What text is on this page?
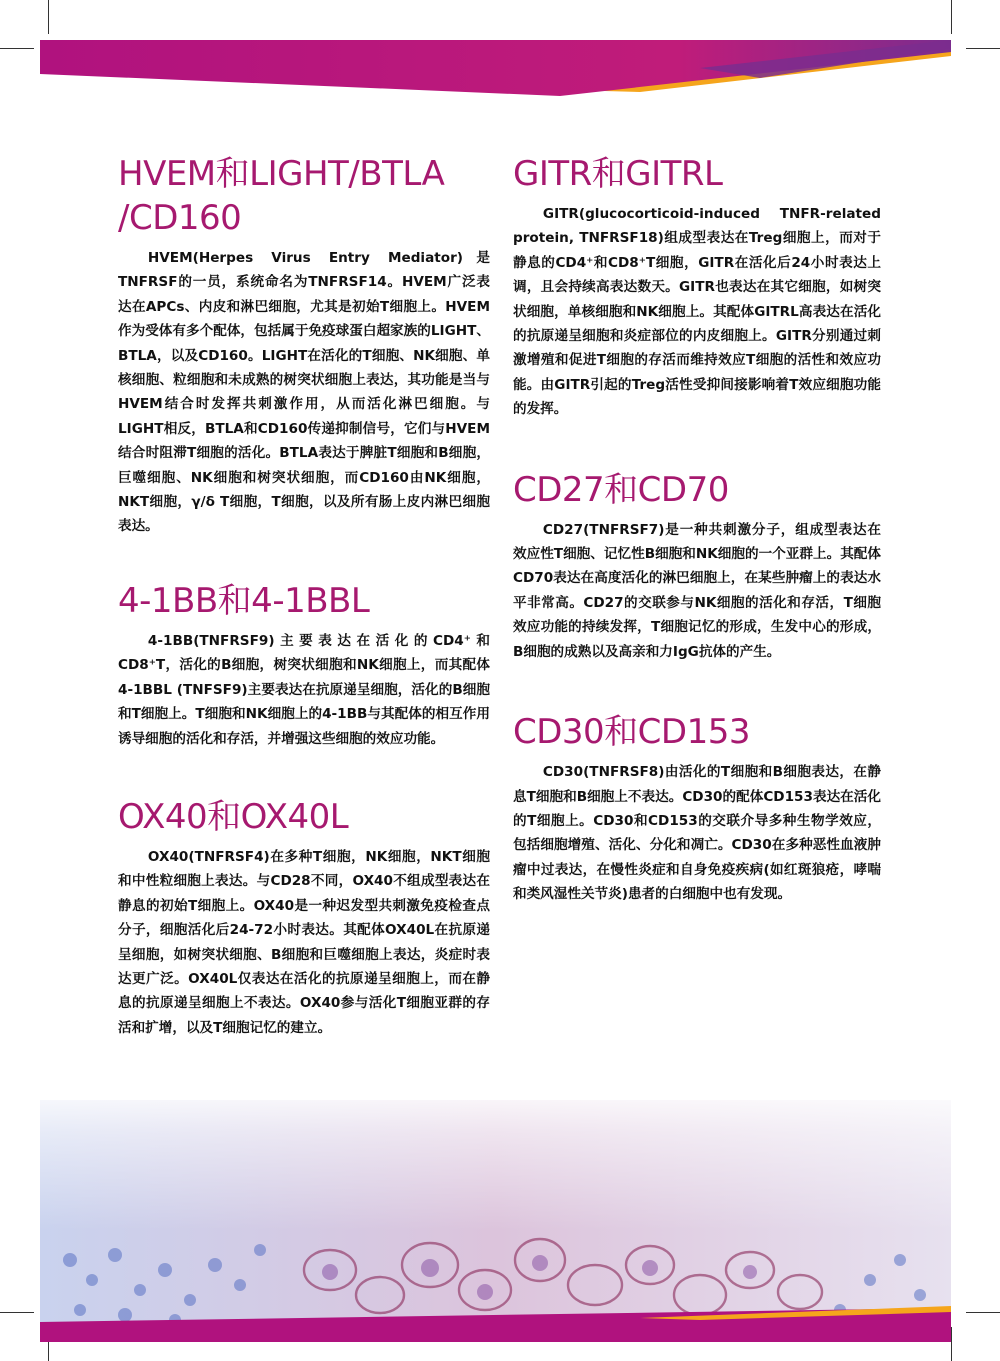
HVEM和LIGHT/BTLA /CD160

HVEM(Herpes Virus Entry Mediator)是TNFRSF的一员，系统命名为TNFRSF14。HVEM广泛表达在APCs、内皮和淋巴细胞，尤其是初始T细胞上。HVEM作为受体有多个配体，包括属于免疫球蛋白超家族的LIGHT、BTLA，以及CD160。LIGHT在活化的T细胞、NK细胞、单核细胞、粒细胞和未成熟的树突状细胞上表达，其功能是当与HVEM结合时发挥共刺激作用，从而活化淋巴细胞。与LIGHT相反，BTLA和CD160传递抑制信号，它们与HVEM结合时阻滞T细胞的活化。BTLA表达于脾脏T细胞和B细胞，巨噬细胞、NK细胞和树突状细胞，而CD160由NK细胞，NKT细胞，γ/δ T细胞，T细胞，以及所有肠上皮内淋巴细胞表达。

4-1BB和4-1BBL

4-1BB(TNFRSF9)主要表达在活化的CD4⁺和CD8⁺T，活化的B细胞，树突状细胞和NK细胞上，而其配体4-1BBL (TNFSF9)主要表达在抗原递呈细胞，活化的B细胞和T细胞上。T细胞和NK细胞上的4-1BB与其配体的相互作用诱导细胞的活化和存活，并增强这些细胞的效应功能。

OX40和OX40L

OX40(TNFRSF4)在多种T细胞，NK细胞，NKT细胞和中性粒细胞上表达。与CD28不同，OX40不组成型表达在静息的初始T细胞上。OX40是一种迟发型共刺激免疫检查点分子，细胞活化后24-72小时表达。其配体OX40L在抗原递呈细胞，如树突状细胞、B细胞和巨噬细胞上表达，炎症时表达更广泛。OX40L仅表达在活化的抗原递呈细胞上，而在静息的抗原递呈细胞上不表达。OX40参与活化T细胞亚群的存活和扩增，以及T细胞记忆的建立。

GITR和GITRL

GITR(glucocorticoid-induced TNFR-related protein, TNFRSF18)组成型表达在Treg细胞上，而对于静息的CD4⁺和CD8⁺T细胞，GITR在活化后24小时表达上调，且会持续高表达数天。GITR也表达在其它细胞，如树突状细胞，单核细胞和NK细胞上。其配体GITRL高表达在活化的抗原递呈细胞和炎症部位的内皮细胞上。GITR分别通过刺激增殖和促进T细胞的存活而维持效应T细胞的活性和效应功能。由GITR引起的Treg活性受抑间接影响着T效应细胞功能的发挥。

CD27和CD70

CD27(TNFRSF7)是一种共刺激分子，组成型表达在效应性T细胞、记忆性B细胞和NK细胞的一个亚群上。其配体CD70表达在高度活化的淋巴细胞上，在某些肿瘤上的表达水平非常高。CD27的交联参与NK细胞的活化和存活，T细胞效应功能的持续发挥，T细胞记忆的形成，生发中心的形成，B细胞的成熟以及高亲和力IgG抗体的产生。

CD30和CD153

CD30(TNFRSF8)由活化的T细胞和B细胞表达，在静息T细胞和B细胞上不表达。CD30的配体CD153表达在活化的T细胞上。CD30和CD153的交联介导多种生物学效应，包括细胞增殖、活化、分化和凋亡。CD30在多种恶性血液肿瘤中过表达，在慢性炎症和自身免疫疾病(如红斑狼疮，哮喘和类风湿性关节炎)患者的白细胞中也有发现。
